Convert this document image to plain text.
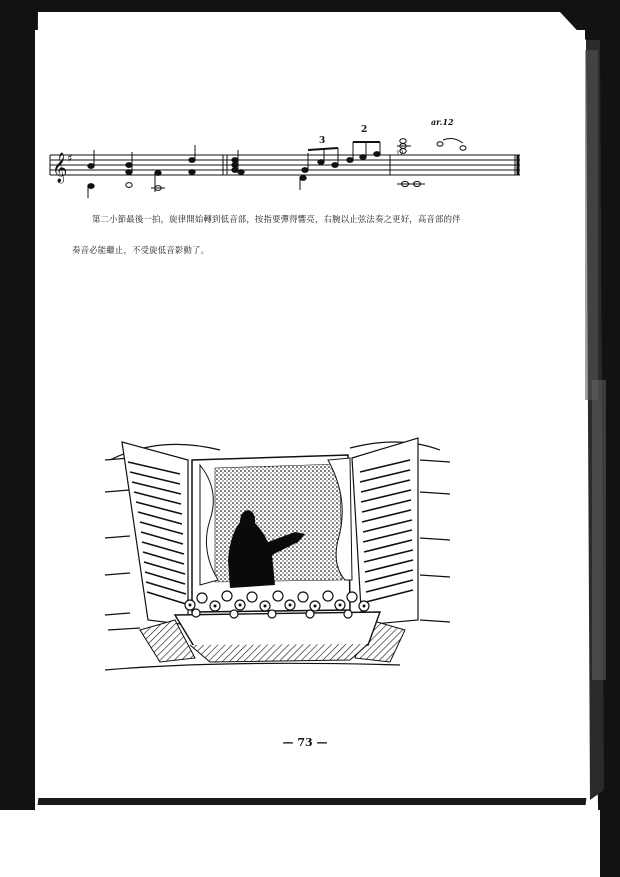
𝄞 ♯
3
2
ar.12
12
第二小節最後一拍，旋律開始轉到低音部，按指要彈得響亮，右腕以止弦法奏之更好，高音部的伴
奏音必能繼止，不受旋低音影動了。
— 73 —
